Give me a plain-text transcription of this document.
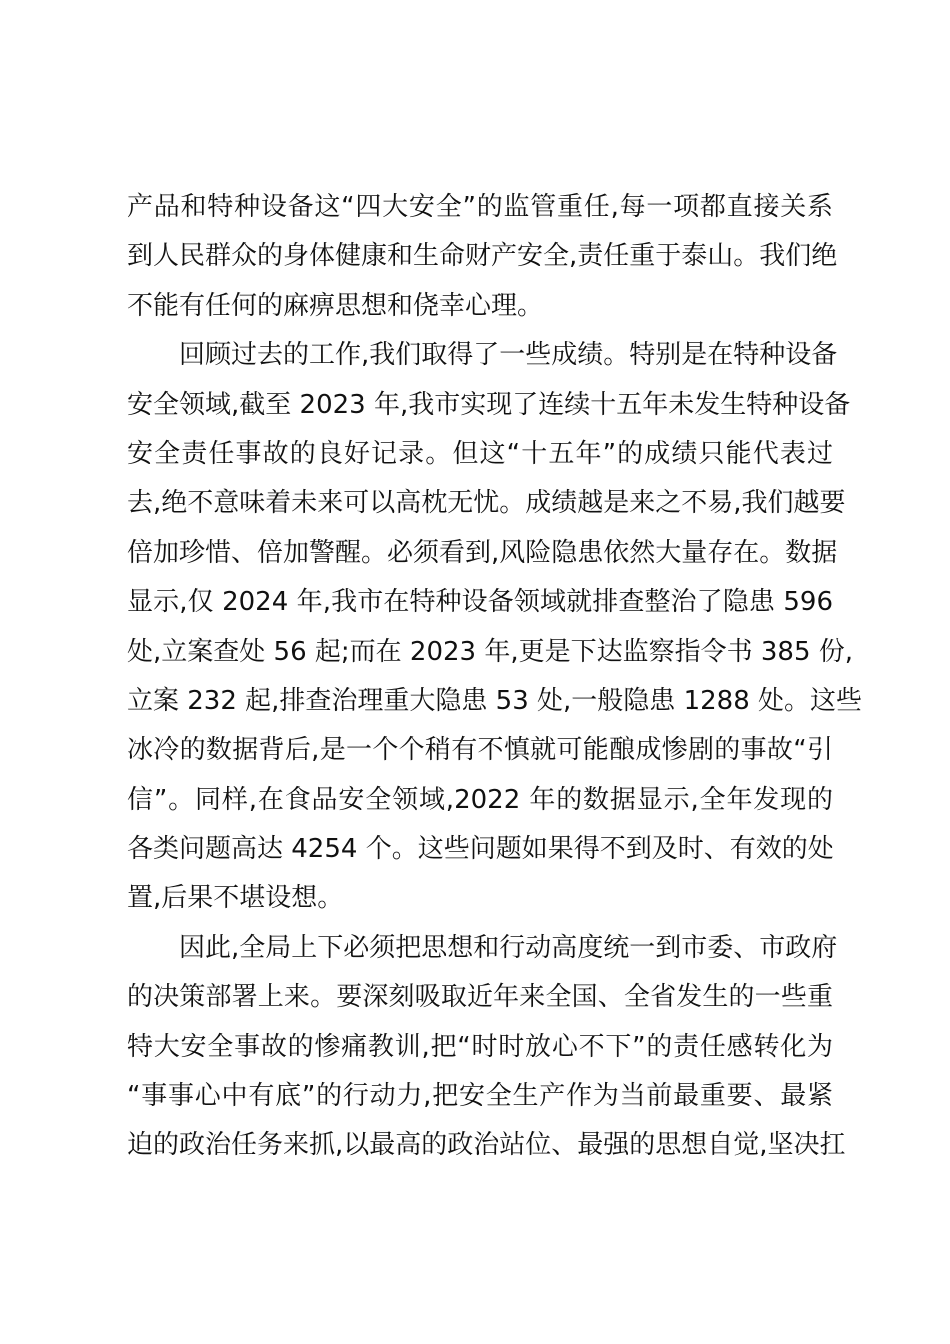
产品和特种设备这“四大安全”的监管重任,每一项都直接关系
到人民群众的身体健康和生命财产安全,责任重于泰山。我们绝
不能有任何的麻痹思想和侥幸心理。
回顾过去的工作,我们取得了一些成绩。特别是在特种设备
安全领域,截至 2023 年,我市实现了连续十五年未发生特种设备
安全责任事故的良好记录。但这“十五年”的成绩只能代表过
去,绝不意味着未来可以高枕无忧。成绩越是来之不易,我们越要
倍加珍惜、倍加警醒。必须看到,风险隐患依然大量存在。数据
显示,仅 2024 年,我市在特种设备领域就排查整治了隐患 596
处,立案查处 56 起;而在 2023 年,更是下达监察指令书 385 份,
立案 232 起,排查治理重大隐患 53 处,一般隐患 1288 处。这些
冰冷的数据背后,是一个个稍有不慎就可能酿成惨剧的事故“引
信”。同样,在食品安全领域,2022 年的数据显示,全年发现的
各类问题高达 4254 个。这些问题如果得不到及时、有效的处
置,后果不堪设想。
因此,全局上下必须把思想和行动高度统一到市委、市政府
的决策部署上来。要深刻吸取近年来全国、全省发生的一些重
特大安全事故的惨痛教训,把“时时放心不下”的责任感转化为
“事事心中有底”的行动力,把安全生产作为当前最重要、最紧
迫的政治任务来抓,以最高的政治站位、最强的思想自觉,坚决扛
